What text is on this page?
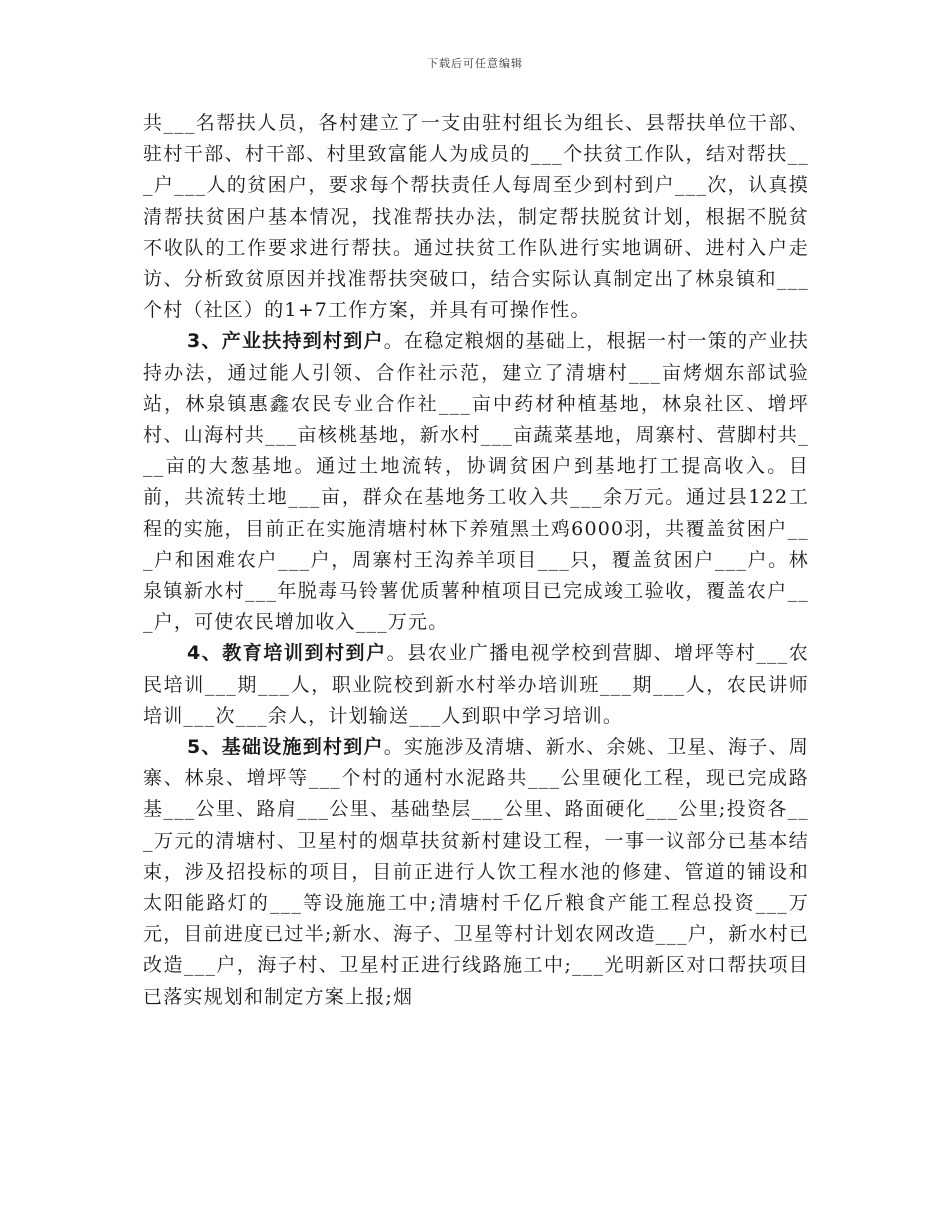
下载后可任意编辑

共___名帮扶人员，各村建立了一支由驻村组长为组长、县帮扶单位干部、驻村干部、村干部、村里致富能人为成员的___个扶贫工作队，结对帮扶___户___人的贫困户，要求每个帮扶责任人每周至少到村到户___次，认真摸清帮扶贫困户基本情况，找准帮扶办法，制定帮扶脱贫计划，根据不脱贫不收队的工作要求进行帮扶。通过扶贫工作队进行实地调研、进村入户走访、分析致贫原因并找准帮扶突破口，结合实际认真制定出了林泉镇和___个村（社区）的1+7工作方案，并具有可操作性。

3、产业扶持到村到户。在稳定粮烟的基础上，根据一村一策的产业扶持办法，通过能人引领、合作社示范，建立了清塘村___亩烤烟东部试验站，林泉镇惠鑫农民专业合作社___亩中药材种植基地，林泉社区、增坪村、山海村共___亩核桃基地，新水村___亩蔬菜基地，周寨村、营脚村共___亩的大葱基地。通过土地流转，协调贫困户到基地打工提高收入。目前，共流转土地___亩，群众在基地务工收入共___余万元。通过县122工程的实施，目前正在实施清塘村林下养殖黑土鸡6000羽，共覆盖贫困户___户和困难农户___户，周寨村王沟养羊项目___只，覆盖贫困户___户。林泉镇新水村___年脱毒马铃薯优质薯种植项目已完成竣工验收，覆盖农户___户，可使农民增加收入___万元。

4、教育培训到村到户。县农业广播电视学校到营脚、增坪等村___农民培训___期___人，职业院校到新水村举办培训班___期___人，农民讲师培训___次___余人，计划输送___人到职中学习培训。

5、基础设施到村到户。实施涉及清塘、新水、余姚、卫星、海子、周寨、林泉、增坪等___个村的通村水泥路共___公里硬化工程，现已完成路基___公里、路肩___公里、基础垫层___公里、路面硬化___公里;投资各___万元的清塘村、卫星村的烟草扶贫新村建设工程，一事一议部分已基本结束，涉及招投标的项目，目前正进行人饮工程水池的修建、管道的铺设和太阳能路灯的___等设施施工中;清塘村千亿斤粮食产能工程总投资___万元，目前进度已过半;新水、海子、卫星等村计划农网改造___户，新水村已改造___户，海子村、卫星村正进行线路施工中;___光明新区对口帮扶项目已落实规划和制定方案上报;烟
